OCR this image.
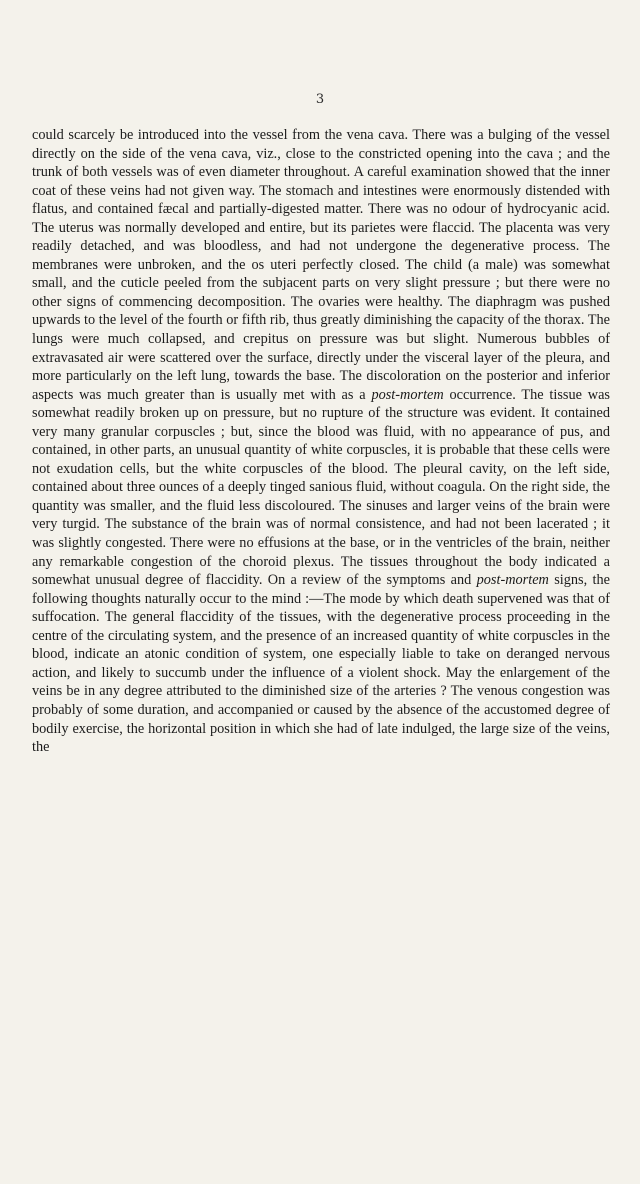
3

could scarcely be introduced into the vessel from the vena cava. There was a bulging of the vessel directly on the side of the vena cava, viz., close to the constricted opening into the cava ; and the trunk of both vessels was of even diameter throughout. A careful examination showed that the inner coat of these veins had not given way. The stomach and intestines were enormously distended with flatus, and contained fæcal and partially-digested matter. There was no odour of hydrocyanic acid. The uterus was normally developed and entire, but its parietes were flaccid. The placenta was very readily detached, and was bloodless, and had not undergone the degenerative process. The membranes were unbroken, and the os uteri perfectly closed. The child (a male) was somewhat small, and the cuticle peeled from the subjacent parts on very slight pressure ; but there were no other signs of commencing decomposition. The ovaries were healthy. The diaphragm was pushed upwards to the level of the fourth or fifth rib, thus greatly diminishing the capacity of the thorax. The lungs were much collapsed, and crepitus on pressure was but slight. Numerous bubbles of extravasated air were scattered over the surface, directly under the visceral layer of the pleura, and more particularly on the left lung, towards the base. The discoloration on the posterior and inferior aspects was much greater than is usually met with as a post-mortem occurrence. The tissue was somewhat readily broken up on pressure, but no rupture of the structure was evident. It contained very many granular corpuscles ; but, since the blood was fluid, with no appearance of pus, and contained, in other parts, an unusual quantity of white corpuscles, it is probable that these cells were not exudation cells, but the white corpuscles of the blood. The pleural cavity, on the left side, contained about three ounces of a deeply tinged sanious fluid, without coagula. On the right side, the quantity was smaller, and the fluid less discoloured. The sinuses and larger veins of the brain were very turgid. The substance of the brain was of normal consistence, and had not been lacerated ; it was slightly congested. There were no effusions at the base, or in the ventricles of the brain, neither any remarkable congestion of the choroid plexus. The tissues throughout the body indicated a somewhat unusual degree of flaccidity. On a review of the symptoms and post-mortem signs, the following thoughts naturally occur to the mind :—The mode by which death supervened was that of suffocation. The general flaccidity of the tissues, with the degenerative process proceeding in the centre of the circulating system, and the presence of an increased quantity of white corpuscles in the blood, indicate an atonic condition of system, one especially liable to take on deranged nervous action, and likely to succumb under the influence of a violent shock. May the enlargement of the veins be in any degree attributed to the diminished size of the arteries ? The venous congestion was probably of some duration, and accompanied or caused by the absence of the accustomed degree of bodily exercise, the horizontal position in which she had of late indulged, the large size of the veins, the
